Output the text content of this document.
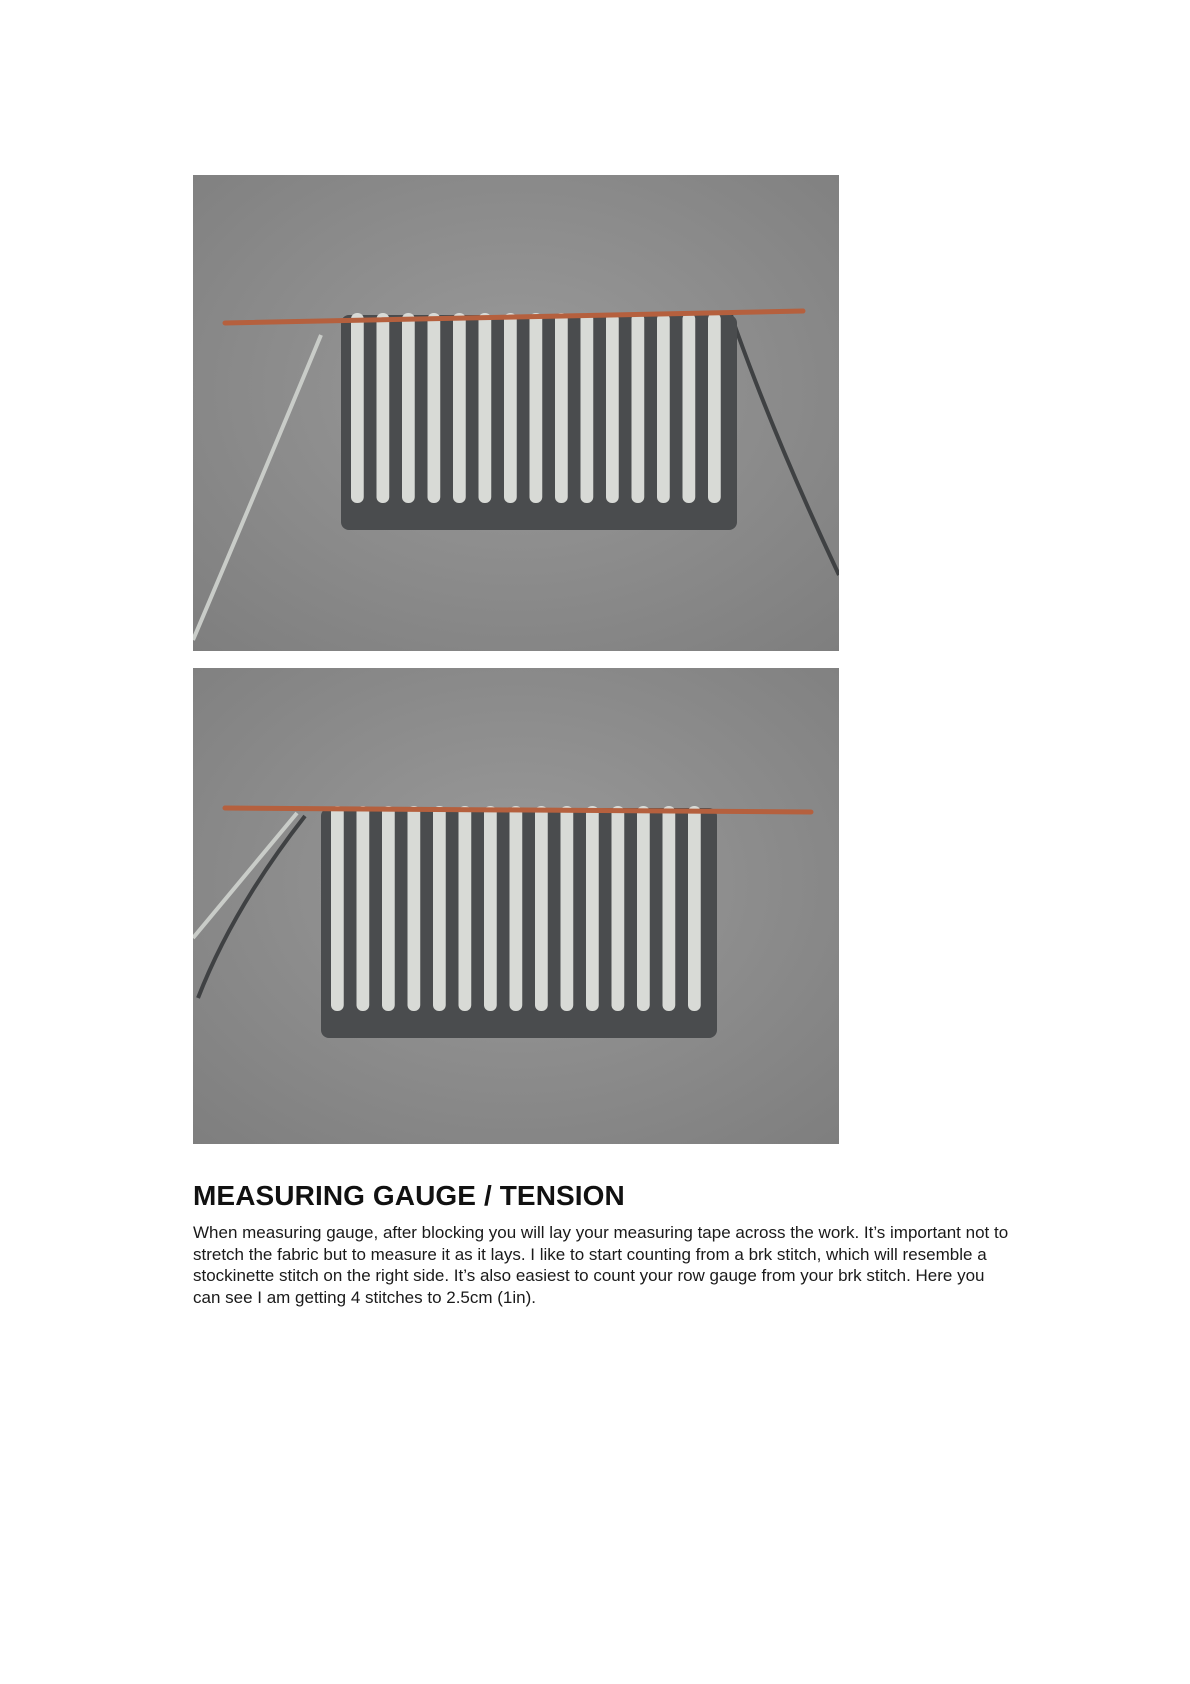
MEASURING GAUGE / TENSION

When measuring gauge, after blocking you will lay your measuring tape across the work. It’s important not to stretch the fabric but to measure it as it lays. I like to start counting from a brk stitch, which will resemble a stockinette stitch on the right side. It’s also easiest to count your row gauge from your brk stitch. Here you can see I am getting 4 stitches to 2.5cm (1in).
